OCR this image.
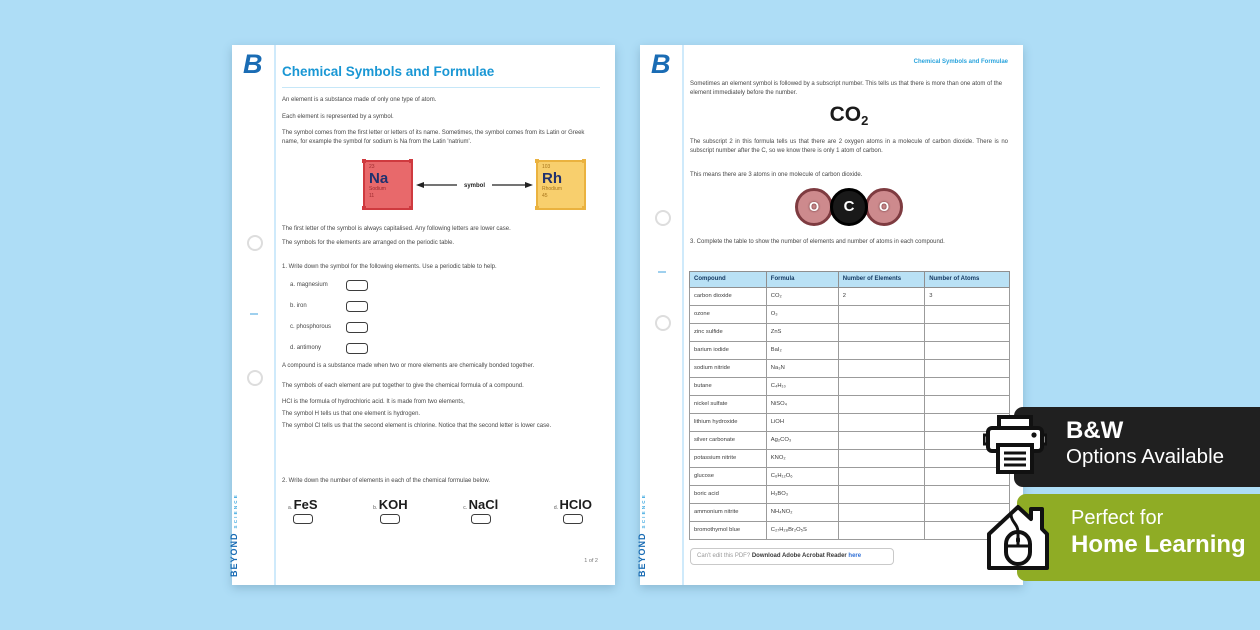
B
BEYONDSCIENCE
Chemical Symbols and Formulae

An element is a substance made of only one type of atom.

Each element is represented by a symbol.

The symbol comes from the first letter or letters of its name. Sometimes, the symbol comes from its Latin or Greek name, for example the symbol for sodium is Na from the Latin 'natrium'.

23
Na
Sodium
11
symbol
103
Rh
Rhodium
45

The first letter of the symbol is always capitalised. Any following letters are lower case.

The symbols for the elements are arranged on the periodic table.

1. Write down the symbol for the following elements. Use a periodic table to help.

a. magnesium
b. iron
c. phosphorous
d. antimony

A compound is a substance made when two or more elements are chemically bonded together.

The symbols of each element are put together to give the chemical formula of a compound.

HCl is the formula of hydrochloric acid. It is made from two elements,

The symbol H tells us that one element is hydrogen.

The symbol Cl tells us that the second element is chlorine. Notice that the second letter is lower case.

2. Write down the number of elements in each of the chemical formulae below.

a. FeS	b. KOH	c. NaCl	d. HClO
1 of 2
B
BEYONDSCIENCE
Chemical Symbols and Formulae

Sometimes an element symbol is followed by a subscript number. This tells us that there is more than one atom of the element immediately before the number.

$CO_2$

The subscript 2 in this formula tells us that there are 2 oxygen atoms in a molecule of carbon dioxide. There is no subscript number after the C, so we know there is only 1 atom of carbon.

This means there are 3 atoms in one molecule of carbon dioxide.

O	C	O

3. Complete the table to show the number of elements and number of atoms in each compound.

Compound	Formula	Number of Elements	Number of Atoms
carbon dioxide	CO₂	2	3
ozone	O₃		
zinc sulfide	ZnS		
barium iodide	BaI₂		
sodium nitride	Na₃N		
butane	C₄H₁₀		
nickel sulfate	NiSO₄		
lithium hydroxide	LiOH		
silver carbonate	Ag₂CO₃		
potassium nitrite	KNO₂		
glucose	C₆H₁₂O₆		
boric acid	H₃BO₃		
ammonium nitrite	NH₄NO₂		
bromothymol blue	C₂₇H₂₈Br₂O₅S		
Can't edit this PDF? Download Adobe Acrobat Reader here
B&W
Options Available
Perfect for
Home Learning
